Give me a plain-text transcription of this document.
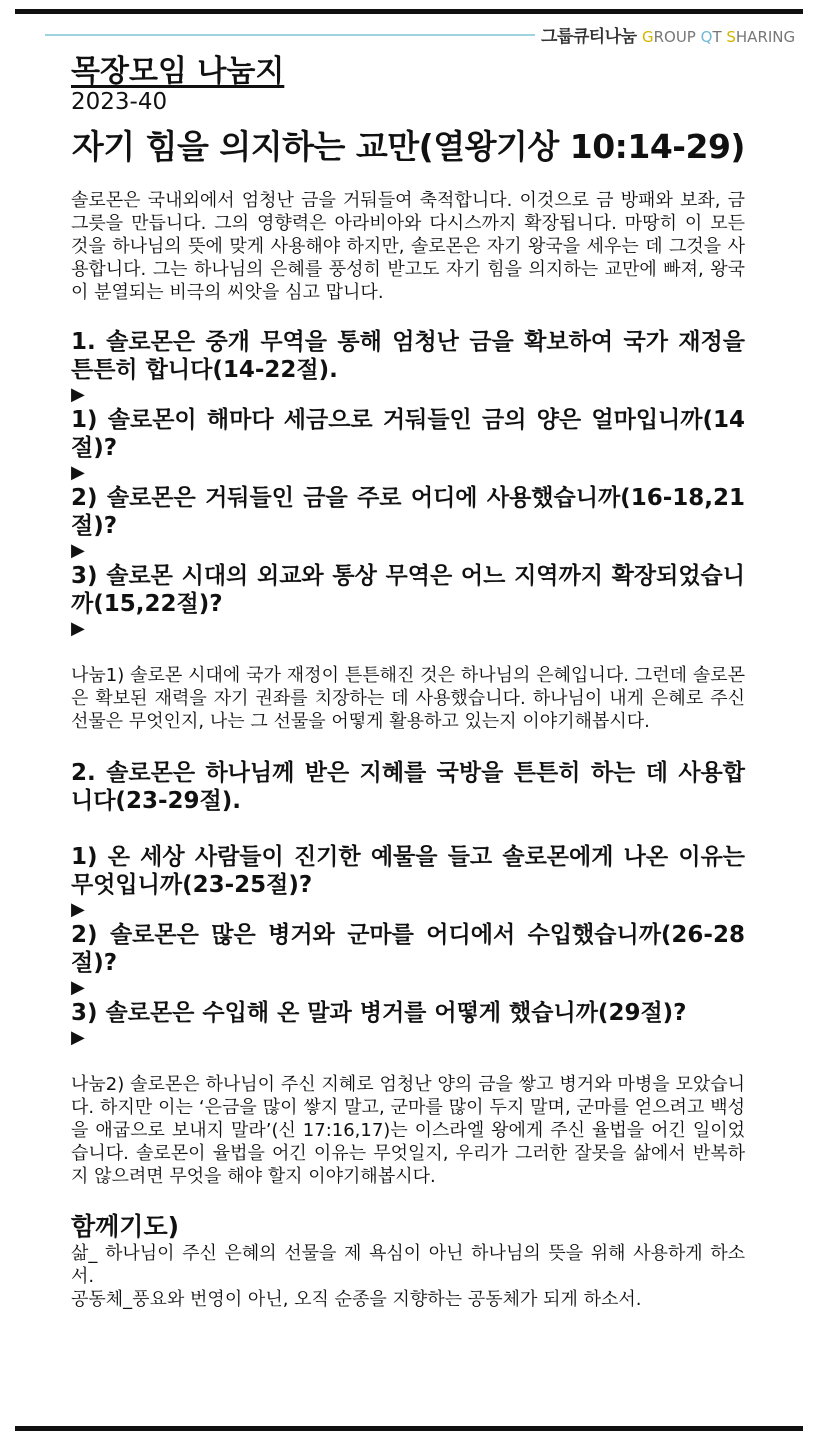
그룹큐티나눔 GROUP QT SHARING

목장모임 나눔지

2023-40

자기 힘을 의지하는 교만(열왕기상 10:14-29)

솔로몬은 국내외에서 엄청난 금을 거둬들여 축적합니다. 이것으로 금 방패와 보좌, 금 그릇을 만듭니다. 그의 영향력은 아라비아와 다시스까지 확장됩니다. 마땅히 이 모든 것을 하나님의 뜻에 맞게 사용해야 하지만, 솔로몬은 자기 왕국을 세우는 데 그것을 사용합니다. 그는 하나님의 은혜를 풍성히 받고도 자기 힘을 의지하는 교만에 빠져, 왕국이 분열되는 비극의 씨앗을 심고 맙니다.

1. 솔로몬은 중개 무역을 통해 엄청난 금을 확보하여 국가 재정을 튼튼히 합니다(14-22절).

▶

1) 솔로몬이 해마다 세금으로 거둬들인 금의 양은 얼마입니까(14절)?

▶

2) 솔로몬은 거둬들인 금을 주로 어디에 사용했습니까(16-18,21절)?

▶

3) 솔로몬 시대의 외교와 통상 무역은 어느 지역까지 확장되었습니까(15,22절)?

▶

나눔1) 솔로몬 시대에 국가 재정이 튼튼해진 것은 하나님의 은혜입니다. 그런데 솔로몬은 확보된 재력을 자기 권좌를 치장하는 데 사용했습니다. 하나님이 내게 은혜로 주신 선물은 무엇인지, 나는 그 선물을 어떻게 활용하고 있는지 이야기해봅시다.

2. 솔로몬은 하나님께 받은 지혜를 국방을 튼튼히 하는 데 사용합니다(23-29절).

1) 온 세상 사람들이 진기한 예물을 들고 솔로몬에게 나온 이유는 무엇입니까(23-25절)?

▶

2) 솔로몬은 많은 병거와 군마를 어디에서 수입했습니까(26-28절)?

▶

3) 솔로몬은 수입해 온 말과 병거를 어떻게 했습니까(29절)?

▶

나눔2) 솔로몬은 하나님이 주신 지혜로 엄청난 양의 금을 쌓고 병거와 마병을 모았습니다. 하지만 이는 ‘은금을 많이 쌓지 말고, 군마를 많이 두지 말며, 군마를 얻으려고 백성을 애굽으로 보내지 말라’(신 17:16,17)는 이스라엘 왕에게 주신 율법을 어긴 일이었습니다. 솔로몬이 율법을 어긴 이유는 무엇일지, 우리가 그러한 잘못을 삶에서 반복하지 않으려면 무엇을 해야 할지 이야기해봅시다.

함께기도)

삶_ 하나님이 주신 은혜의 선물을 제 욕심이 아닌 하나님의 뜻을 위해 사용하게 하소서.

공동체_풍요와 번영이 아닌, 오직 순종을 지향하는 공동체가 되게 하소서.
